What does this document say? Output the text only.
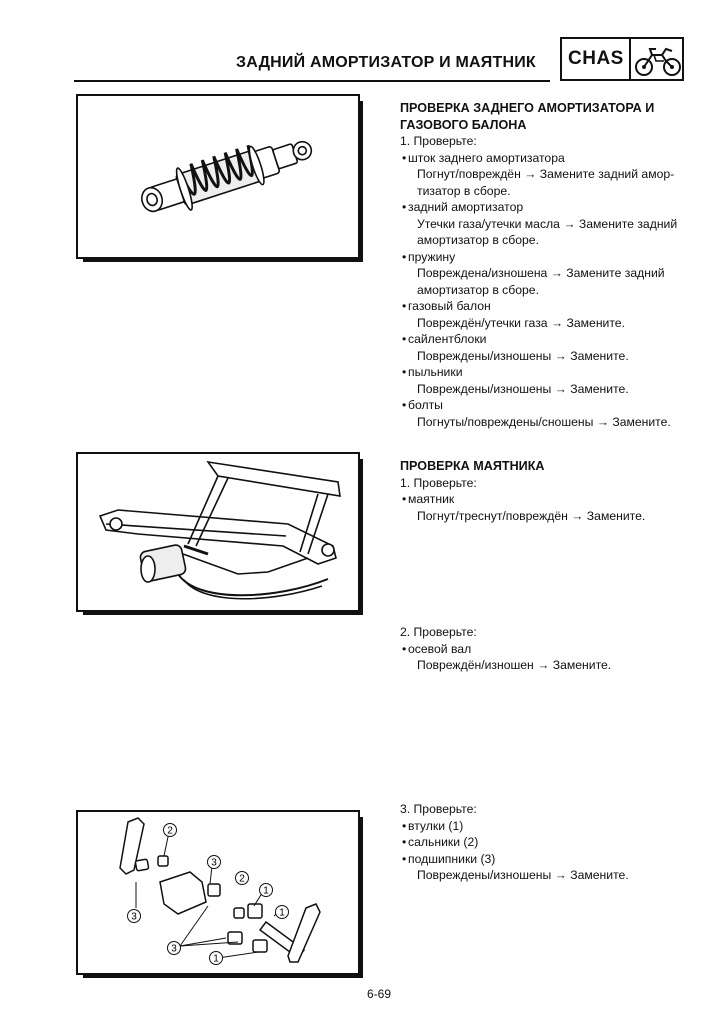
ЗАДНИЙ АМОРТИЗАТОР И МАЯТНИК CHAS
2
3
2
1
1
3
3
1
ПРОВЕРКА ЗАДНЕГО АМОРТИЗАТОРА И
ГАЗОВОГО БАЛОНА
1. Проверьте:
• шток заднего амортизатора
Погнут/повреждён → Замените задний амор-
тизатор в сборе.
• задний амортизатор
Утечки газа/утечки масла → Замените задний
амортизатор в сборе.
• пружину
Повреждена/изношена → Замените задний
амортизатор в сборе.
• газовый балон
Повреждён/утечки газа → Замените.
• сайлентблоки
Повреждены/изношены → Замените.
• пыльники
Повреждены/изношены → Замените.
• болты
Погнуты/повреждены/сношены → Замените.
ПРОВЕРКА МАЯТНИКА
1. Проверьте:
• маятник
Погнут/треснут/повреждён → Замените.
2. Проверьте:
• осевой вал
Повреждён/изношен → Замените.
3. Проверьте:
• втулки (1)
• сальники (2)
• подшипники (3)
Повреждены/изношены → Замените.
6-69
